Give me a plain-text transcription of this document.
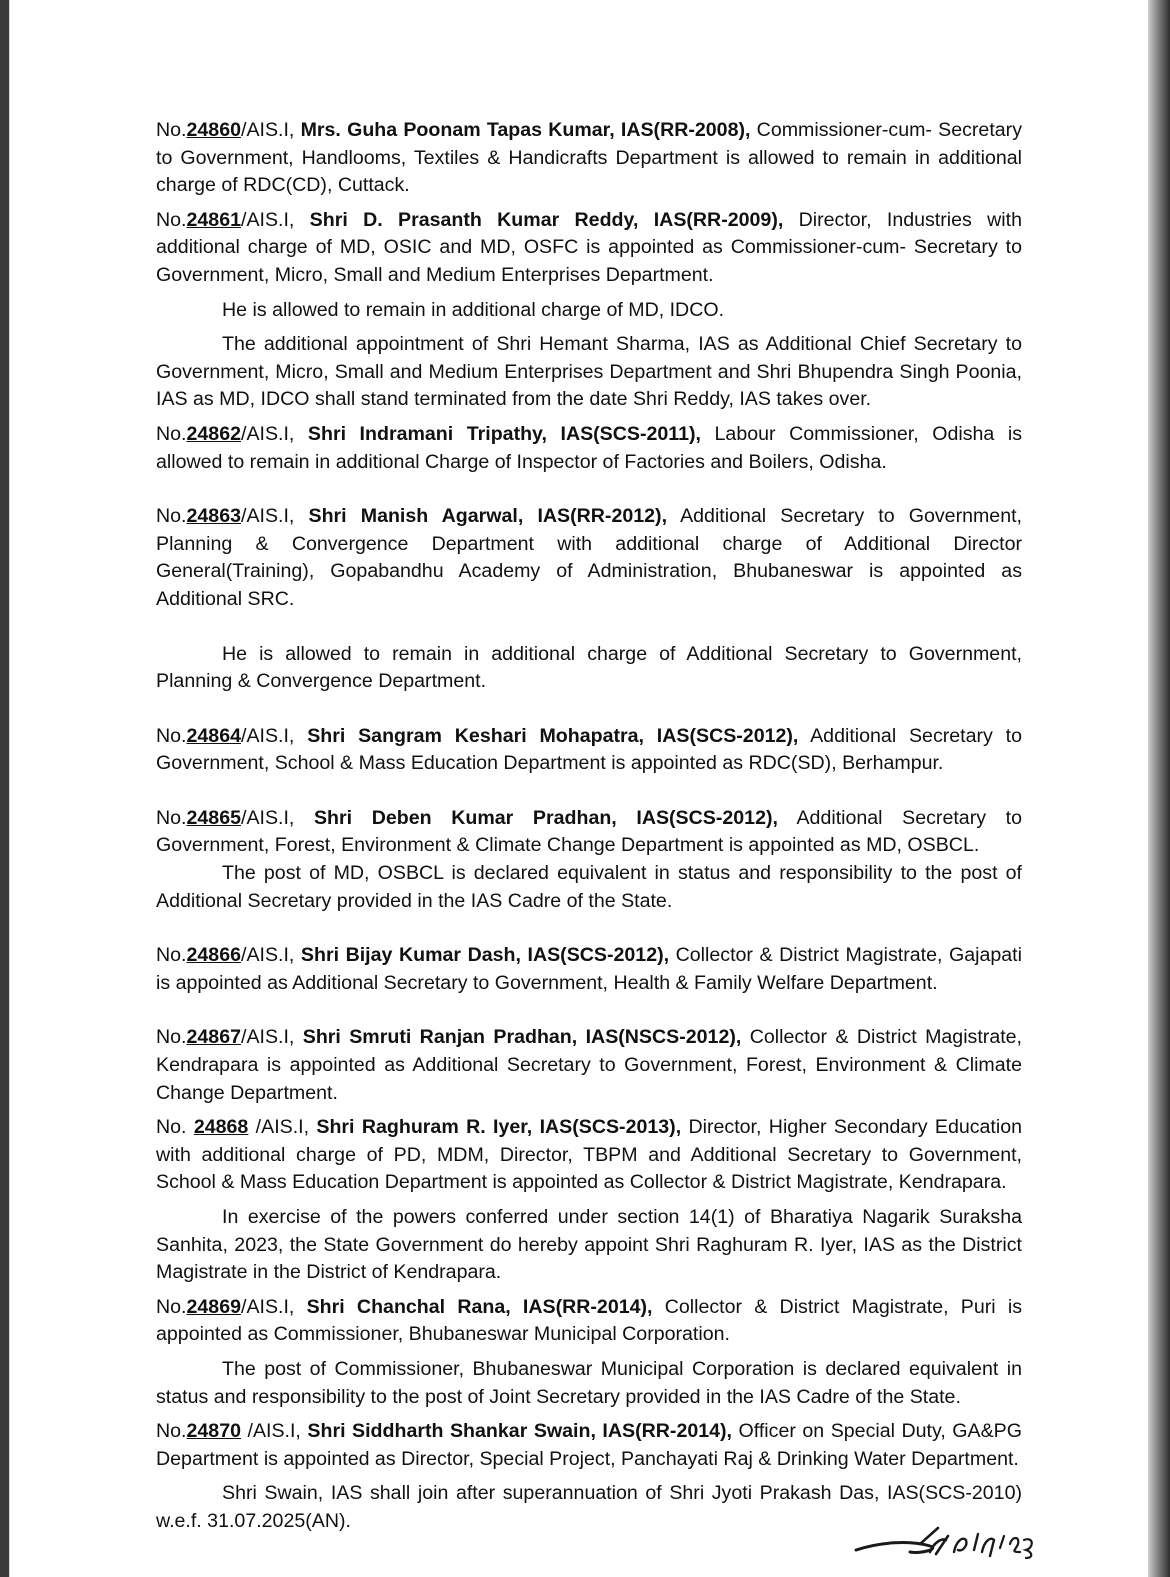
No.24860/AIS.I, Mrs. Guha Poonam Tapas Kumar, IAS(RR-2008), Commissioner-cum- Secretary to Government, Handlooms, Textiles & Handicrafts Department is allowed to remain in additional charge of RDC(CD), Cuttack.

No.24861/AIS.I, Shri D. Prasanth Kumar Reddy, IAS(RR-2009), Director, Industries with additional charge of MD, OSIC and MD, OSFC is appointed as Commissioner-cum- Secretary to Government, Micro, Small and Medium Enterprises Department.

He is allowed to remain in additional charge of MD, IDCO.

The additional appointment of Shri Hemant Sharma, IAS as Additional Chief Secretary to Government, Micro, Small and Medium Enterprises Department and Shri Bhupendra Singh Poonia, IAS as MD, IDCO shall stand terminated from the date Shri Reddy, IAS takes over.

No.24862/AIS.I, Shri Indramani Tripathy, IAS(SCS-2011), Labour Commissioner, Odisha is allowed to remain in additional Charge of Inspector of Factories and Boilers, Odisha.

No.24863/AIS.I, Shri Manish Agarwal, IAS(RR-2012), Additional Secretary to Government, Planning & Convergence Department with additional charge of Additional Director General(Training), Gopabandhu Academy of Administration, Bhubaneswar is appointed as Additional SRC.

He is allowed to remain in additional charge of Additional Secretary to Government, Planning & Convergence Department.

No.24864/AIS.I, Shri Sangram Keshari Mohapatra, IAS(SCS-2012), Additional Secretary to Government, School & Mass Education Department is appointed as RDC(SD), Berhampur.

No.24865/AIS.I, Shri Deben Kumar Pradhan, IAS(SCS-2012), Additional Secretary to Government, Forest, Environment & Climate Change Department is appointed as MD, OSBCL.

The post of MD, OSBCL is declared equivalent in status and responsibility to the post of Additional Secretary provided in the IAS Cadre of the State.

No.24866/AIS.I, Shri Bijay Kumar Dash, IAS(SCS-2012), Collector & District Magistrate, Gajapati is appointed as Additional Secretary to Government, Health & Family Welfare Department.

No.24867/AIS.I, Shri Smruti Ranjan Pradhan, IAS(NSCS-2012), Collector & District Magistrate, Kendrapara is appointed as Additional Secretary to Government, Forest, Environment & Climate Change Department.

No. 24868 /AIS.I, Shri Raghuram R. Iyer, IAS(SCS-2013), Director, Higher Secondary Education with additional charge of PD, MDM, Director, TBPM and Additional Secretary to Government, School & Mass Education Department is appointed as Collector & District Magistrate, Kendrapara.

In exercise of the powers conferred under section 14(1) of Bharatiya Nagarik Suraksha Sanhita, 2023, the State Government do hereby appoint Shri Raghuram R. Iyer, IAS as the District Magistrate in the District of Kendrapara.

No.24869/AIS.I, Shri Chanchal Rana, IAS(RR-2014), Collector & District Magistrate, Puri is appointed as Commissioner, Bhubaneswar Municipal Corporation.

The post of Commissioner, Bhubaneswar Municipal Corporation is declared equivalent in status and responsibility to the post of Joint Secretary provided in the IAS Cadre of the State.

No.24870 /AIS.I, Shri Siddharth Shankar Swain, IAS(RR-2014), Officer on Special Duty, GA&PG Department is appointed as Director, Special Project, Panchayati Raj & Drinking Water Department.

Shri Swain, IAS shall join after superannuation of Shri Jyoti Prakash Das, IAS(SCS-2010) w.e.f. 31.07.2025(AN).
